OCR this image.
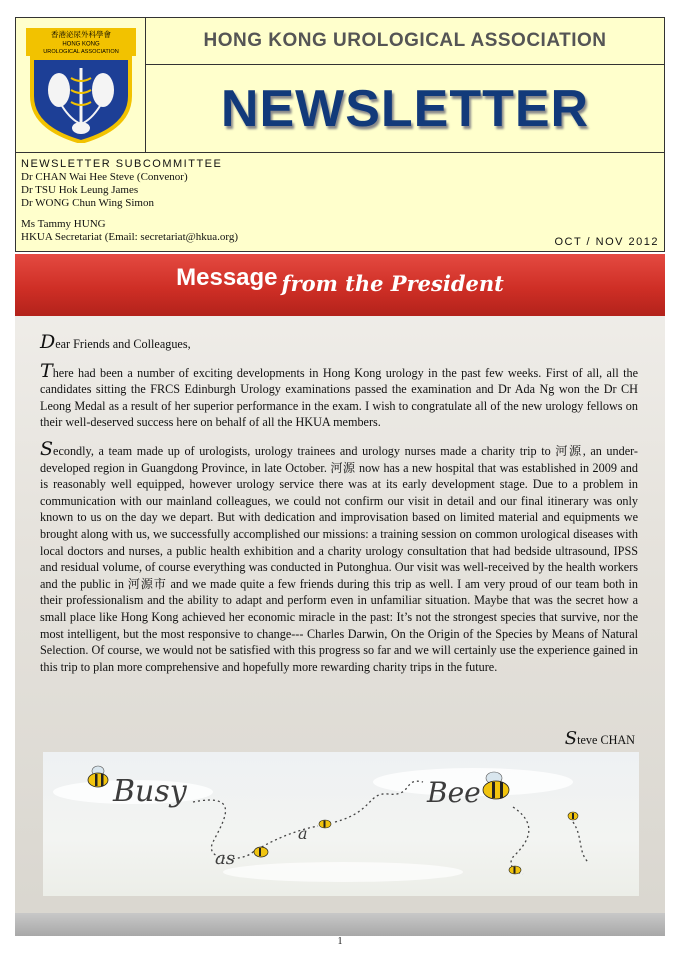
香港泌尿外科學會
HONG KONG
UROLOGICAL ASSOCIATION
HONG KONG UROLOGICAL ASSOCIATION
NEWSLETTER
NEWSLETTER SUBCOMMITTEE
Dr CHAN Wai Hee Steve (Convenor)
Dr TSU Hok Leung James
Dr WONG Chun Wing Simon
Ms Tammy HUNG
HKUA Secretariat (Email: secretariat@hkua.org)	OCT / NOV 2012
Message from the President

Dear Friends and Colleagues,

There had been a number of exciting developments in Hong Kong urology in the past few weeks. First of all, all the candidates sitting the FRCS Edinburgh Urology examinations passed the examination and Dr Ada Ng won the Dr CH Leong Medal as a result of her superior performance in the exam. I wish to congratulate all of the new urology fellows on their well-deserved success here on behalf of all the HKUA members.

Secondly, a team made up of urologists, urology trainees and urology nurses made a charity trip to 河源, an under-developed region in Guangdong Province, in late October. 河源 now has a new hospital that was established in 2009 and is reasonably well equipped, however urology service there was at its early development stage. Due to a problem in communication with our mainland colleagues, we could not confirm our visit in detail and our final itinerary was only known to us on the day we depart. But with dedication and improvisation based on limited material and equipments we brought along with us, we successfully accomplished our missions: a training session on common urological diseases with local doctors and nurses, a public health exhibition and a charity urology consultation that had bedside ultrasound, IPSS and residual volume, of course everything was conducted in Putonghua. Our visit was well-received by the health workers and the public in 河源市 and we made quite a few friends during this trip as well. I am very proud of our team both in their professionalism and the ability to adapt and perform even in unfamiliar situation. Maybe that was the secret how a small place like Hong Kong achieved her economic miracle in the past: It’s not the strongest species that survive, nor the most intelligent, but the most responsive to change--- Charles Darwin, On the Origin of the Species by Means of Natural Selection. Of course, we would not be satisfied with this progress so far and we will certainly use the experience gained in this trip to plan more comprehensive and hopefully more rewarding charity trips in the future.

Steve CHAN
Busy
as
a
Bee
1
